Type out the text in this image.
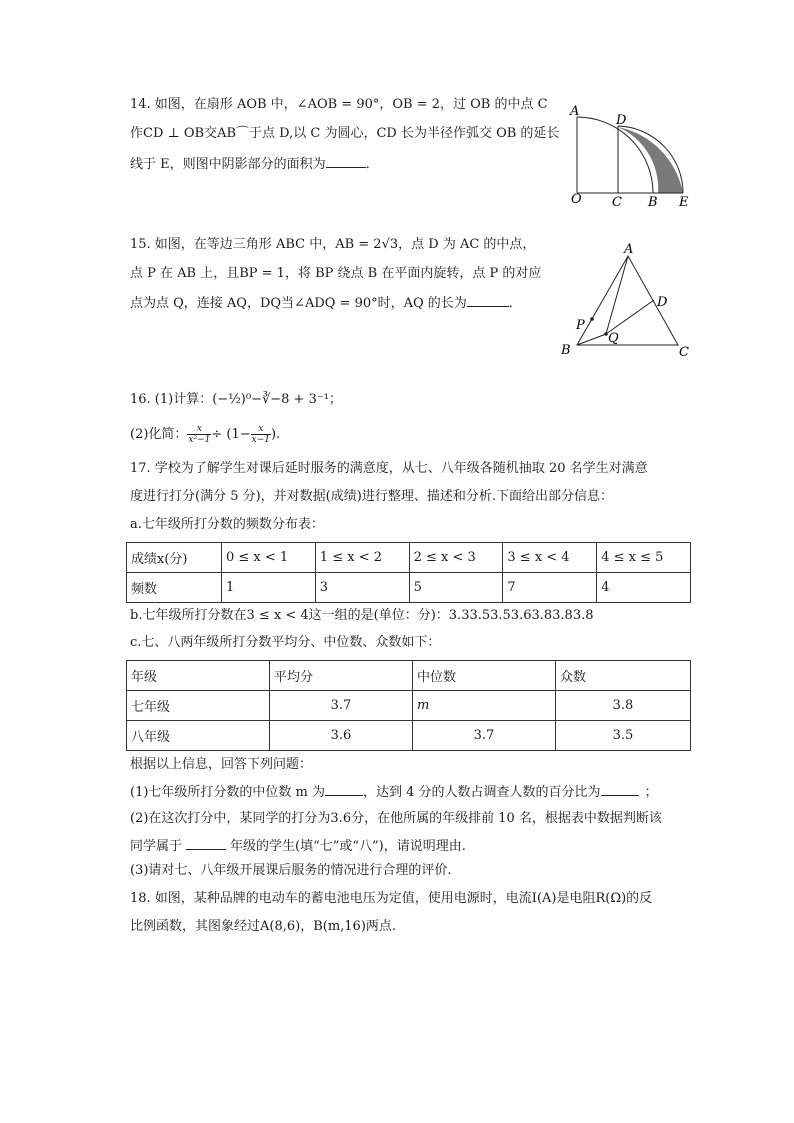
14. 如图，在扇形 AOB 中，∠AOB = 90°，OB = 2，过 OB 的中点 C
作CD ⊥ OB交AB⌒于点 D,以 C 为圆心，CD 长为半径作弧交 OB 的延长
线于 E，则图中阴影部分的面积为	．
A
D
O C B E
15. 如图，在等边三角形 ABC 中，AB = 2√3，点 D 为 AC 的中点，
点 P 在 AB 上，且BP = 1，将 BP 绕点 B 在平面内旋转，点 P 的对应
点为点 Q，连接 AQ，DQ当∠ADQ = 90°时，AQ 的长为	．
A
D
P
Q
B	C
16. (1)计算：(−½)⁰−∛−8 + 3⁻¹；
(2)化简： $\frac{x}{\text{x²−1}} \div (1- \frac{x}{x-1}$ ).
17. 学校为了解学生对课后延时服务的满意度，从七、八年级各随机抽取 20 名学生对满意
度进行打分(满分 5 分)，并对数据(成绩)进行整理、描述和分析.下面给出部分信息：
a.七年级所打分数的频数分布表：
成绩x(分)	0 ≤ x < 1	1 ≤ x < 2	2 ≤ x < 3	3 ≤ x < 4	4 ≤ x ≤ 5
频数	1	3	5	7	4
b.七年级所打分数在3 ≤ x < 4这一组的是(单位：分)：3.33.53.53.63.83.83.8
c.七、八两年级所打分数平均分、中位数、众数如下：
年级	平均分	中位数	众数
七年级	3.7	m	3.8
八年级	3.6	3.7	3.5
根据以上信息，回答下列问题：
(1)七年级所打分数的中位数 m 为	，达到 4 分的人数占调查人数的百分比为	；
(2)在这次打分中，某同学的打分为3.6分，在他所属的年级排前 10 名，根据表中数据判断该
同学属于	年级的学生(填“七”或“八”)，请说明理由.
(3)请对七、八年级开展课后服务的情况进行合理的评价.
18. 如图，某种品牌的电动车的蓄电池电压为定值，使用电源时，电流I(A)是电阻R(Ω)的反
比例函数，其图象经过A(8,6)，B(m,16)两点.
